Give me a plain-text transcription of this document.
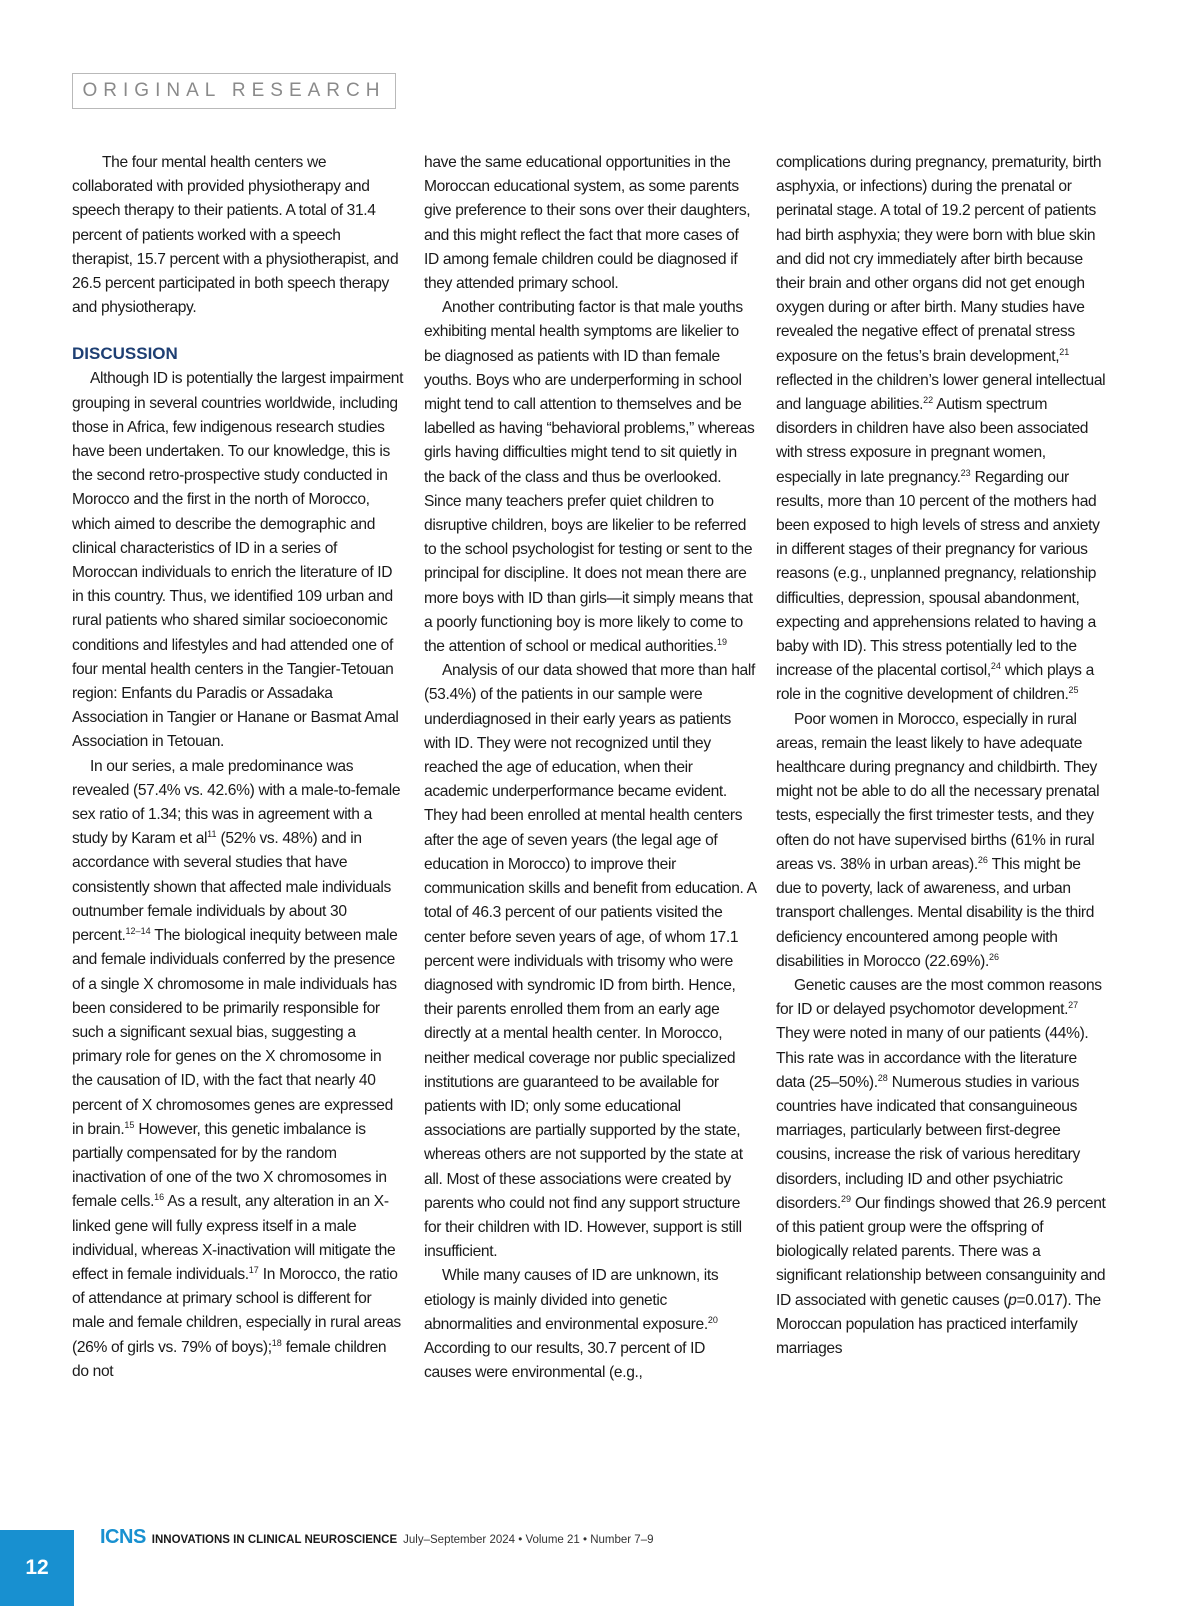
ORIGINAL RESEARCH

The four mental health centers we collaborated with provided physiotherapy and speech therapy to their patients. A total of 31.4 percent of patients worked with a speech therapist, 15.7 percent with a physiotherapist, and 26.5 percent participated in both speech therapy and physiotherapy.

DISCUSSION

Although ID is potentially the largest impairment grouping in several countries worldwide, including those in Africa, few indigenous research studies have been undertaken. To our knowledge, this is the second retro-prospective study conducted in Morocco and the first in the north of Morocco, which aimed to describe the demographic and clinical characteristics of ID in a series of Moroccan individuals to enrich the literature of ID in this country. Thus, we identified 109 urban and rural patients who shared similar socioeconomic conditions and lifestyles and had attended one of four mental health centers in the Tangier-Tetouan region: Enfants du Paradis or Assadaka Association in Tangier or Hanane or Basmat Amal Association in Tetouan.

In our series, a male predominance was revealed (57.4% vs. 42.6%) with a male-to-female sex ratio of 1.34; this was in agreement with a study by Karam et $al^{11}$ (52% vs. 48%) and in accordance with several studies that have consistently shown that affected male individuals outnumber female individuals by about 30 percent.$^{12-14}$ The biological inequity between male and female individuals conferred by the presence of a single X chromosome in male individuals has been considered to be primarily responsible for such a significant sexual bias, suggesting a primary role for genes on the X chromosome in the causation of ID, with the fact that nearly 40 percent of X chromosomes genes are expressed in brain.$^{15}$ However, this genetic imbalance is partially compensated for by the random inactivation of one of the two X chromosomes in female cells.$^{16}$ As a result, any alteration in an X-linked gene will fully express itself in a male individual, whereas X-inactivation will mitigate the effect in female individuals.$^{17}$ In Morocco, the ratio of attendance at primary school is different for male and female children, especially in rural areas (26% of girls vs. 79% of boys);$^{18}$ female children do not

have the same educational opportunities in the Moroccan educational system, as some parents give preference to their sons over their daughters, and this might reflect the fact that more cases of ID among female children could be diagnosed if they attended primary school.

Another contributing factor is that male youths exhibiting mental health symptoms are likelier to be diagnosed as patients with ID than female youths. Boys who are underperforming in school might tend to call attention to themselves and be labelled as having “behavioral problems,” whereas girls having difficulties might tend to sit quietly in the back of the class and thus be overlooked. Since many teachers prefer quiet children to disruptive children, boys are likelier to be referred to the school psychologist for testing or sent to the principal for discipline. It does not mean there are more boys with ID than girls—it simply means that a poorly functioning boy is more likely to come to the attention of school or medical authorities.$^{19}$

Analysis of our data showed that more than half (53.4%) of the patients in our sample were underdiagnosed in their early years as patients with ID. They were not recognized until they reached the age of education, when their academic underperformance became evident. They had been enrolled at mental health centers after the age of seven years (the legal age of education in Morocco) to improve their communication skills and benefit from education. A total of 46.3 percent of our patients visited the center before seven years of age, of whom 17.1 percent were individuals with trisomy who were diagnosed with syndromic ID from birth. Hence, their parents enrolled them from an early age directly at a mental health center. In Morocco, neither medical coverage nor public specialized institutions are guaranteed to be available for patients with ID; only some educational associations are partially supported by the state, whereas others are not supported by the state at all. Most of these associations were created by parents who could not find any support structure for their children with ID. However, support is still insufficient.

While many causes of ID are unknown, its etiology is mainly divided into genetic abnormalities and environmental exposure.$^{20}$ According to our results, 30.7 percent of ID causes were environmental (e.g.,

complications during pregnancy, prematurity, birth asphyxia, or infections) during the prenatal or perinatal stage. A total of 19.2 percent of patients had birth asphyxia; they were born with blue skin and did not cry immediately after birth because their brain and other organs did not get enough oxygen during or after birth. Many studies have revealed the negative effect of prenatal stress exposure on the fetus’s brain development,$^{21}$ reflected in the children’s lower general intellectual and language abilities.$^{22}$ Autism spectrum disorders in children have also been associated with stress exposure in pregnant women, especially in late pregnancy.$^{23}$ Regarding our results, more than 10 percent of the mothers had been exposed to high levels of stress and anxiety in different stages of their pregnancy for various reasons (e.g., unplanned pregnancy, relationship difficulties, depression, spousal abandonment, expecting and apprehensions related to having a baby with ID). This stress potentially led to the increase of the placental cortisol,$^{24}$ which plays a role in the cognitive development of children.$^{25}$

Poor women in Morocco, especially in rural areas, remain the least likely to have adequate healthcare during pregnancy and childbirth. They might not be able to do all the necessary prenatal tests, especially the first trimester tests, and they often do not have supervised births (61% in rural areas vs. 38% in urban areas).$^{26}$ This might be due to poverty, lack of awareness, and urban transport challenges. Mental disability is the third deficiency encountered among people with disabilities in Morocco (22.69%).$^{26}$

Genetic causes are the most common reasons for ID or delayed psychomotor development.$^{27}$ They were noted in many of our patients (44%). This rate was in accordance with the literature data (25–50%).$^{28}$ Numerous studies in various countries have indicated that consanguineous marriages, particularly between first-degree cousins, increase the risk of various hereditary disorders, including ID and other psychiatric disorders.$^{29}$ Our findings showed that 26.9 percent of this patient group were the offspring of biologically related parents. There was a significant relationship between consanguinity and ID associated with genetic causes (p=0.017). The Moroccan population has practiced interfamily marriages

12
ICNS INNOVATIONS IN CLINICAL NEUROSCIENCE July–September 2024 • Volume 21 • Number 7–9
